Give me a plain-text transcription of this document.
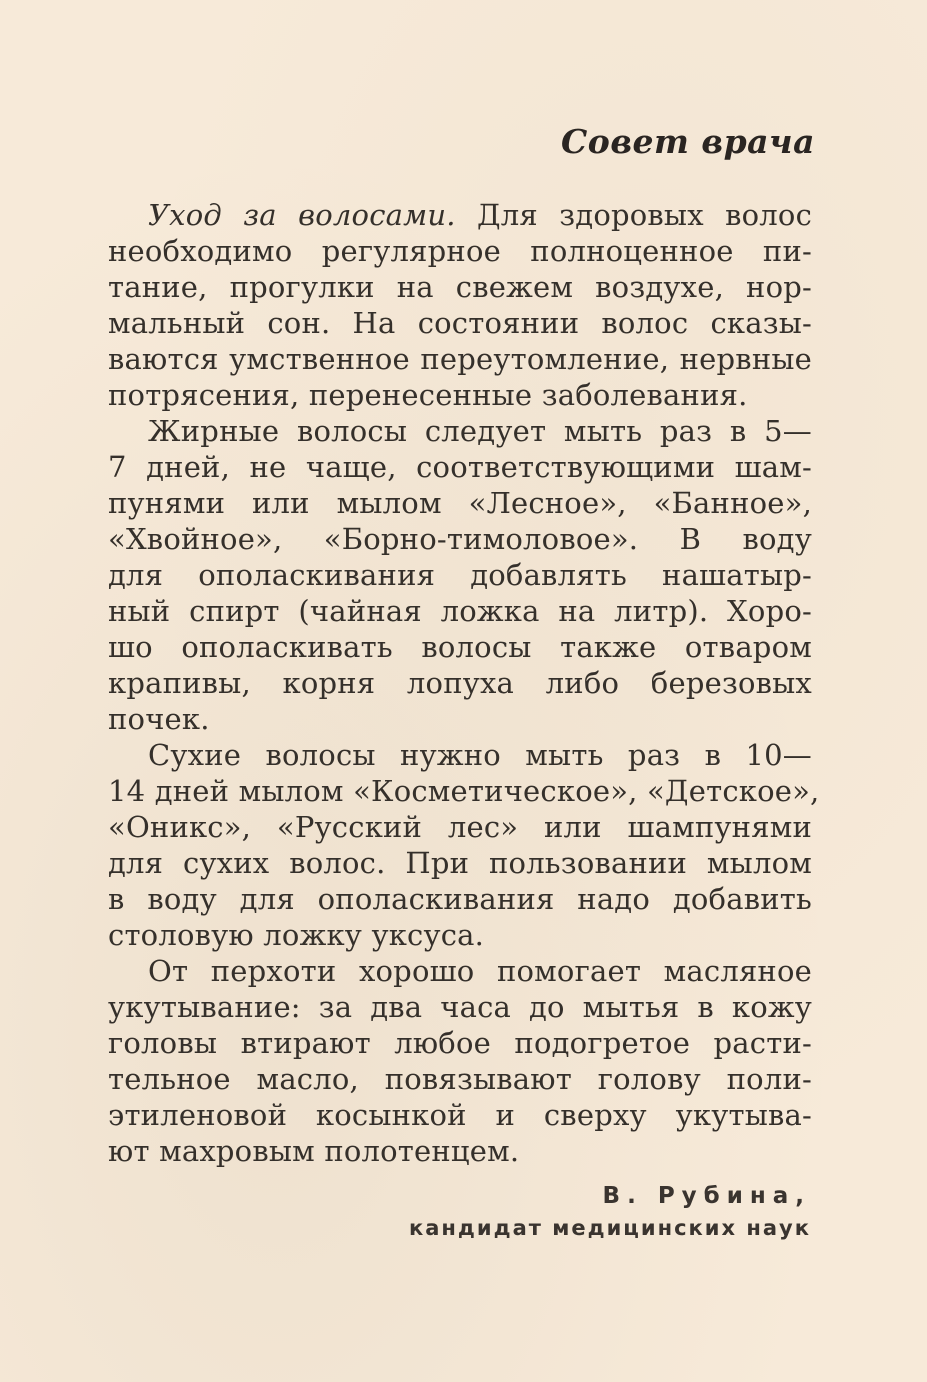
Совет врача
Уход за волосами. Для здоровых волос
необходимо регулярное полноценное пи-
тание, прогулки на свежем воздухе, нор-
мальный сон. На состоянии волос сказы-
ваются умственное переутомление, нервные
потрясения, перенесенные заболевания.
Жирные волосы следует мыть раз в 5—
7 дней, не чаще, соответствующими шам-
пунями или мылом «Лесное», «Банное»,
«Хвойное», «Борно-тимоловое». В воду
для ополаскивания добавлять нашатыр-
ный спирт (чайная ложка на литр). Хоро-
шо ополаскивать волосы также отваром
крапивы, корня лопуха либо березовых
почек.
Сухие волосы нужно мыть раз в 10—
14 дней мылом «Косметическое», «Детское»,
«Оникс», «Русский лес» или шампунями
для сухих волос. При пользовании мылом
в воду для ополаскивания надо добавить
столовую ложку уксуса.
От перхоти хорошо помогает масляное
укутывание: за два часа до мытья в кожу
головы втирают любое подогретое расти-
тельное масло, повязывают голову поли-
этиленовой косынкой и сверху укутыва-
ют махровым полотенцем.
В. Рубина,
кандидат медицинских наук
